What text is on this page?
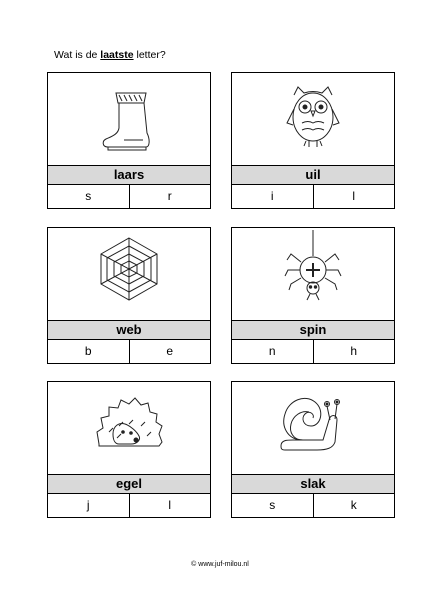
Wat is de laatste letter?
laars
s	r
uil
i	l
web
b	e
spin
n	h
egel
j	l
slak
s	k
© www.juf-milou.nl
